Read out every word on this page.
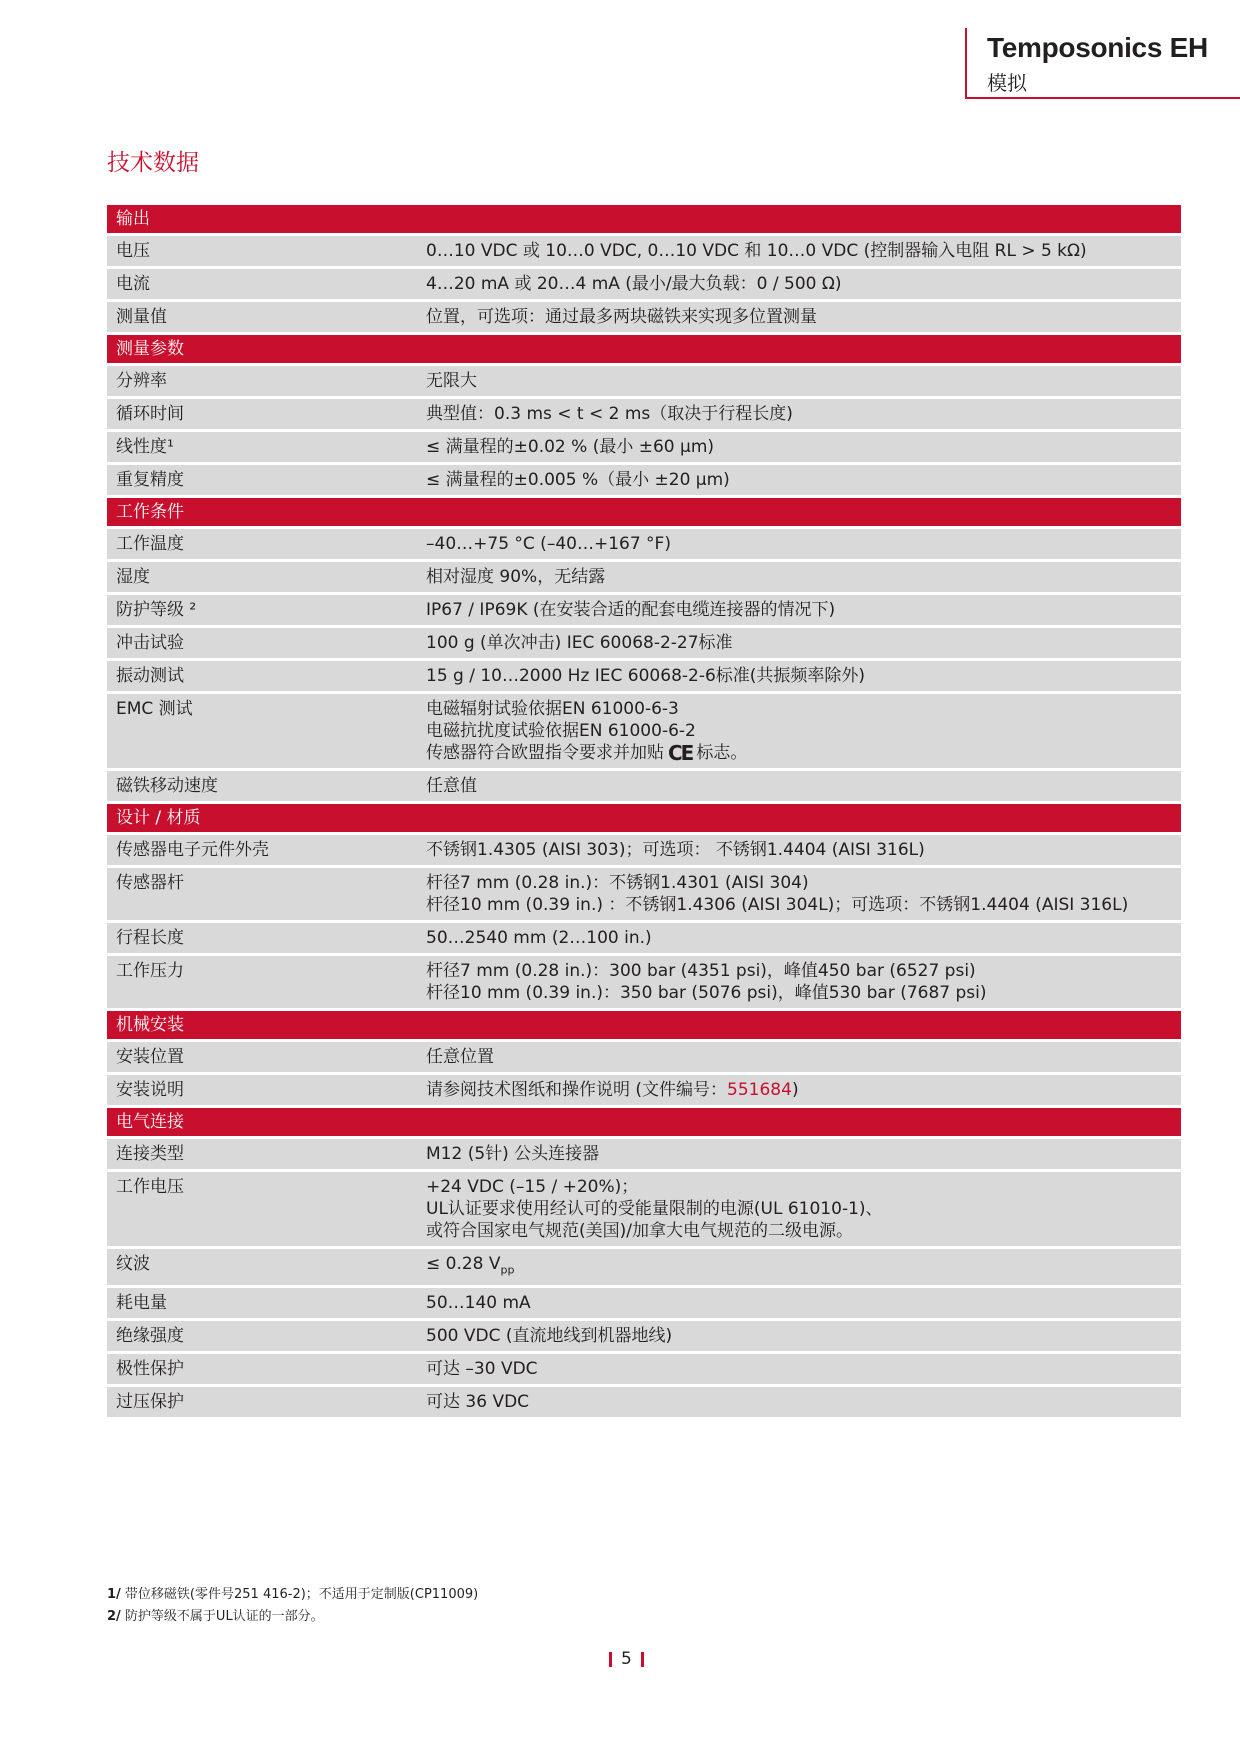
Temposonics EH
模拟
技术数据
输出	
电压	0…10 VDC 或 10…0 VDC, 0…10 VDC 和 10…0 VDC (控制器输入电阻 RL > 5 kΩ)

电流	4…20 mA 或 20…4 mA (最小/最大负载：0 / 500 Ω)

测量值	位置，可选项：通过最多两块磁铁来实现多位置测量

测量参数	
分辨率	无限大

循环时间	典型值：0.3 ms < t < 2 ms（取决于行程长度)

线性度¹	≤ 满量程的±0.02 % (最小 ±60 µm)

重复精度	≤ 满量程的±0.005 %（最小 ±20 µm)

工作条件	
工作温度	–40…+75 °C (–40…+167 °F)

湿度	相对湿度 90%，无结露

防护等级 ²	IP67 / IP69K (在安装合适的配套电缆连接器的情况下)

冲击试验	100 g (单次冲击) IEC 60068-2-27标准

振动测试	15 g / 10…2000 Hz IEC 60068-2-6标准(共振频率除外)

EMC 测试	电磁辐射试验依据EN 61000-6-3
电磁抗扰度试验依据EN 61000-6-2
传感器符合欧盟指令要求并加贴 CE 标志。

磁铁移动速度	任意值

设计 / 材质	
传感器电子元件外壳	不锈钢1.4305 (AISI 303)；可选项： 不锈钢1.4404 (AISI 316L)

传感器杆	杆径7 mm (0.28 in.)：不锈钢1.4301 (AISI 304)
杆径10 mm (0.39 in.) ：不锈钢1.4306 (AISI 304L)；可选项：不锈钢1.4404 (AISI 316L)

行程长度	50…2540 mm (2…100 in.)

工作压力	杆径7 mm (0.28 in.)：300 bar (4351 psi)，峰值450 bar (6527 psi)
杆径10 mm (0.39 in.)：350 bar (5076 psi)，峰值530 bar (7687 psi)

机械安装	
安装位置	任意位置

安装说明	请参阅技术图纸和操作说明 (文件编号：551684)

电气连接	
连接类型	M12 (5针) 公头连接器

工作电压	+24 VDC (–15 / +20%)；
UL认证要求使用经认可的受能量限制的电源(UL 61010-1)、
或符合国家电气规范(美国)/加拿大电气规范的二级电源。

纹波	≤ 0.28 $V_{pp}$

耗电量	50…140 mA

绝缘强度	500 VDC (直流地线到机器地线)

极性保护	可达 –30 VDC

过压保护	可达 36 VDC
1/ 带位移磁铁(零件号251 416-2)；不适用于定制版(CP11009)
2/ 防护等级不属于UL认证的一部分。
5
